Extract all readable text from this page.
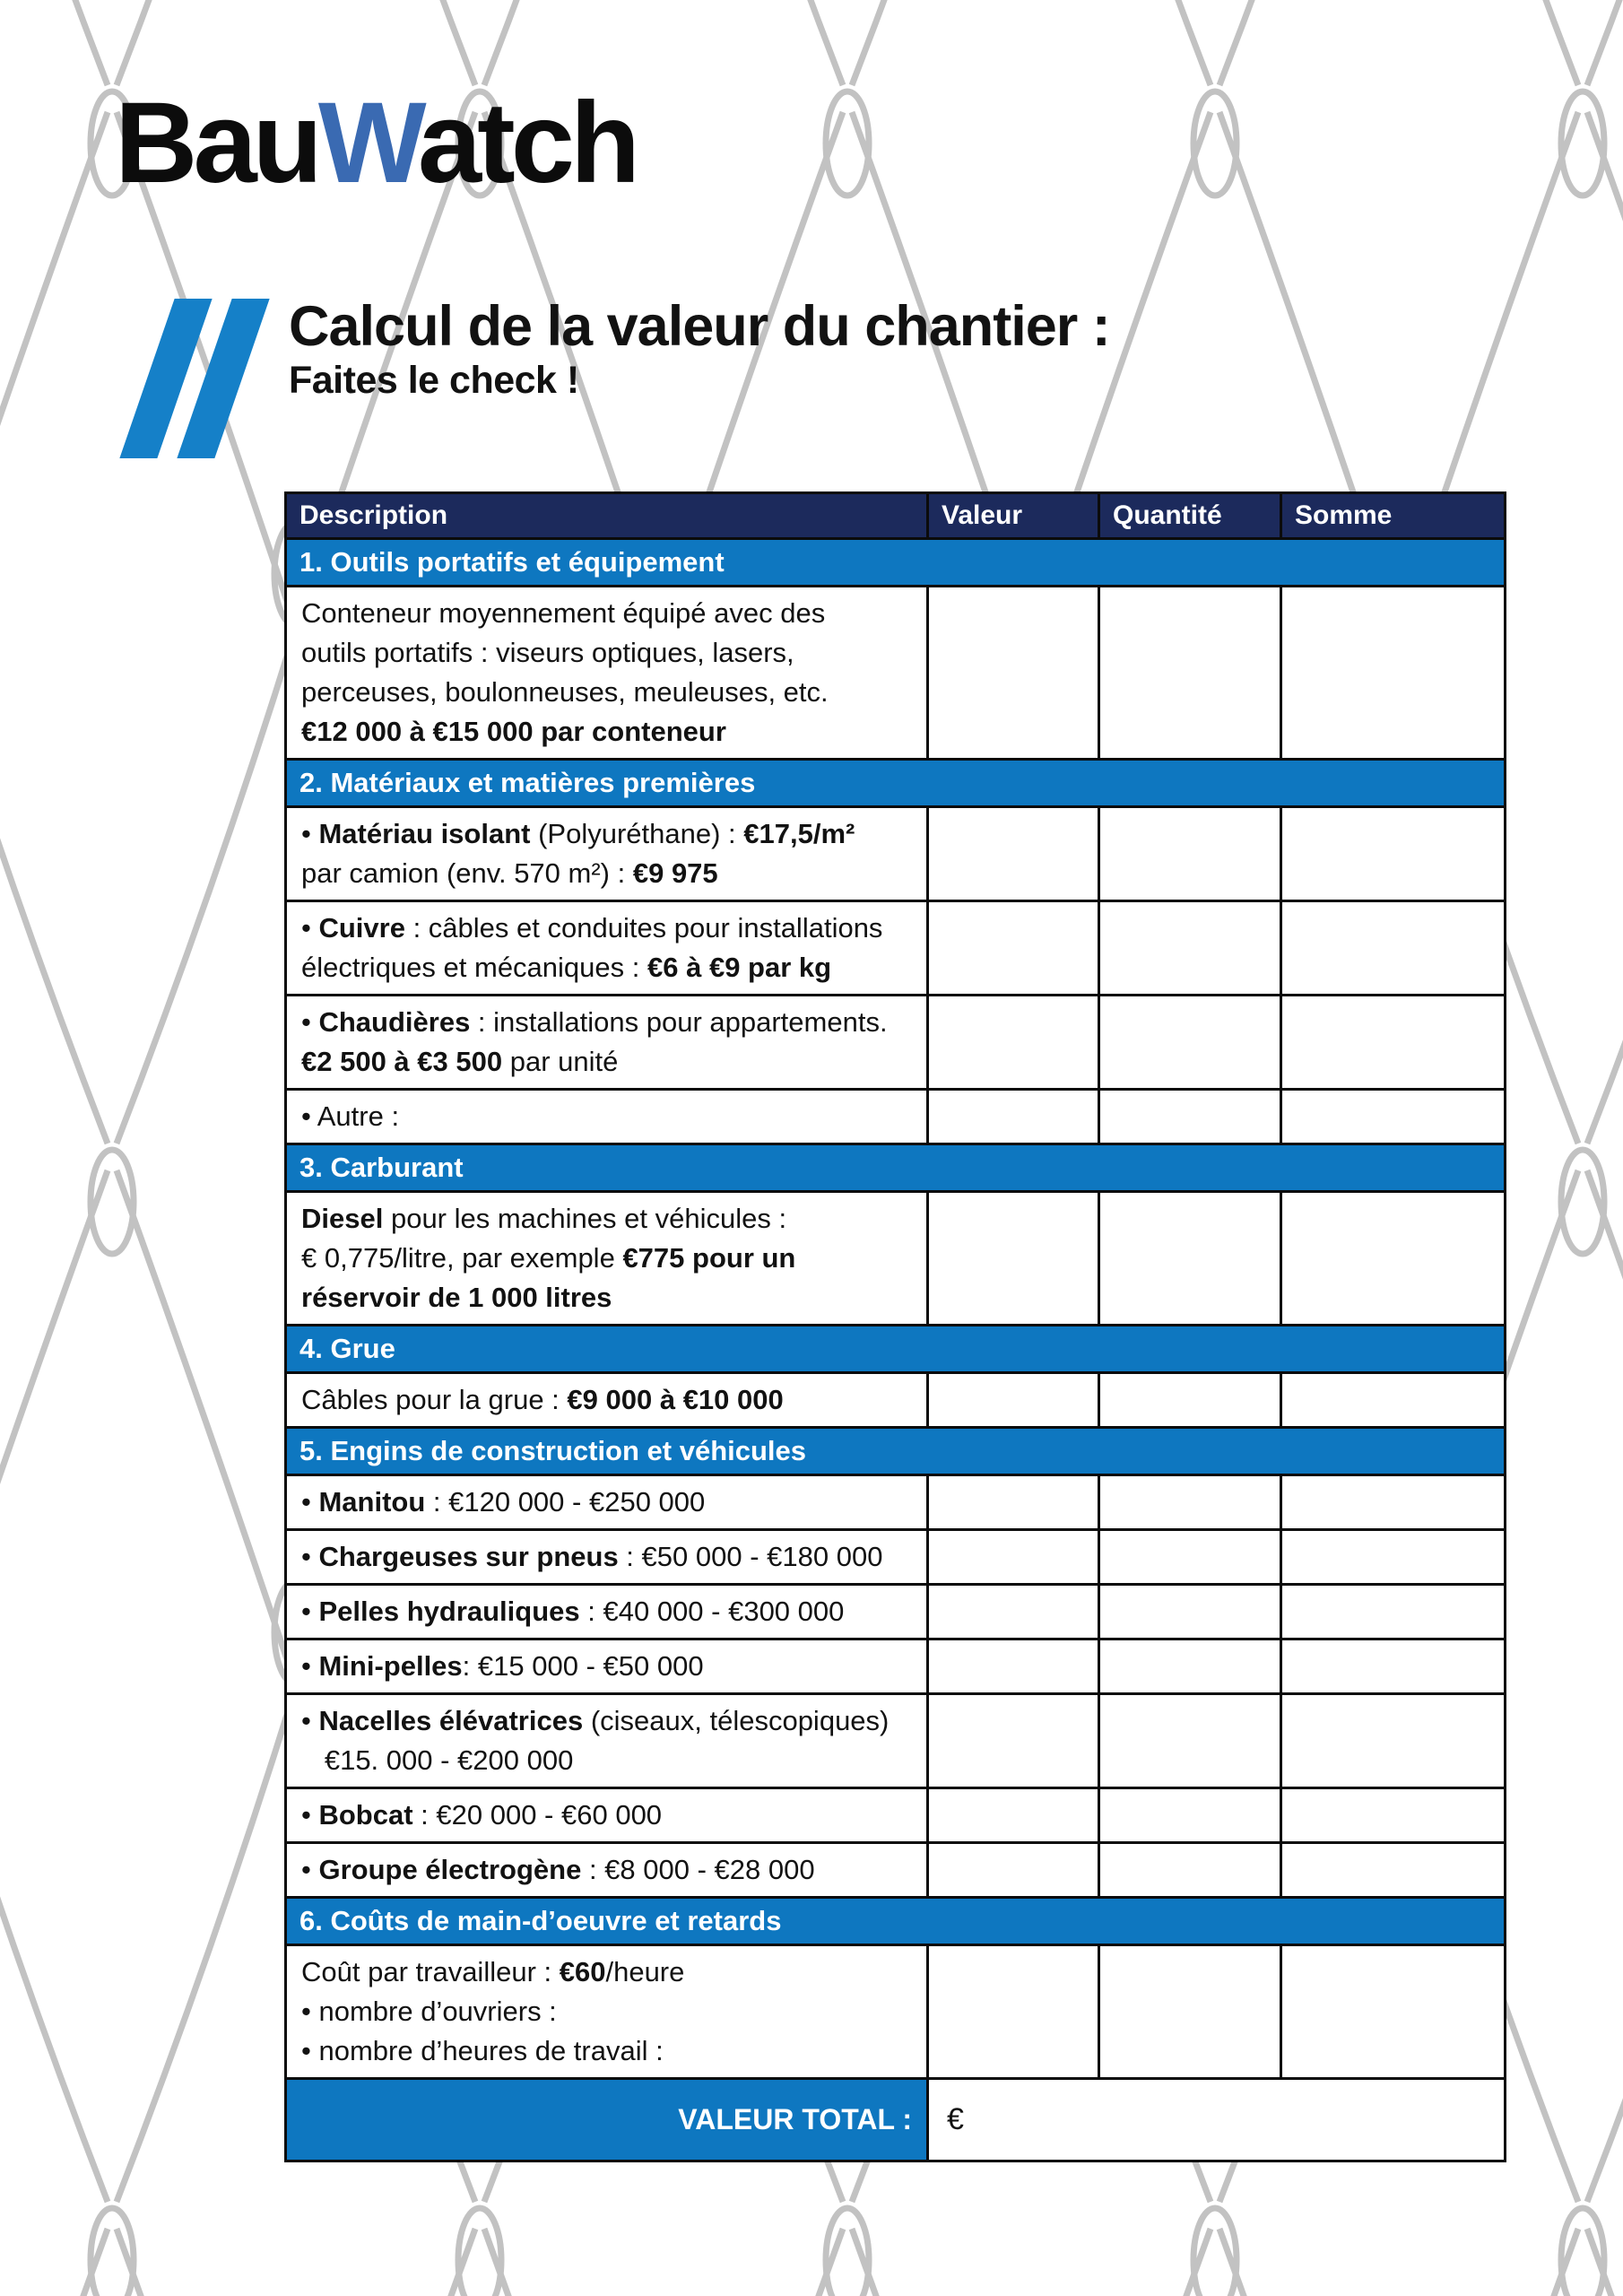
BauWatch
Calcul de la valeur du chantier :
Faites le check !
Description	Valeur	Quantité	Somme
1. Outils portatifs et équipement			
Conteneur moyennement équipé avec des
outils portatifs : viseurs optiques, lasers,
perceuses, boulonneuses, meuleuses, etc.
€12 000 à €15 000 par conteneur			
2. Matériaux et matières premières			
• Matériau isolant (Polyuréthane) : €17,5/m²
par camion (env. 570 m²) : €9 975			
• Cuivre : câbles et conduites pour installations
électriques et mécaniques : €6 à €9 par kg			
• Chaudières : installations pour appartements.
€2 500 à €3 500 par unité			
• Autre :			
3. Carburant			
Diesel pour les machines et véhicules :
€ 0,775/litre, par exemple €775 pour un
réservoir de 1 000 litres			
4. Grue			
Câbles pour la grue : €9 000 à €10 000			
5. Engins de construction et véhicules			
• Manitou : €120 000 - €250 000			
• Chargeuses sur pneus : €50 000 - €180 000			
• Pelles hydrauliques : €40 000 - €300 000			
• Mini-pelles: €15 000 - €50 000			
• Nacelles élévatrices (ciseaux, télescopiques)
€15. 000 - €200 000			
• Bobcat : €20 000 - €60 000			
• Groupe électrogène : €8 000 - €28 000			
6. Coûts de main-d’oeuvre et retards			
Coût par travailleur : €60/heure
• nombre d’ouvriers :
• nombre d’heures de travail :			
VALEUR TOTAL :	€		
